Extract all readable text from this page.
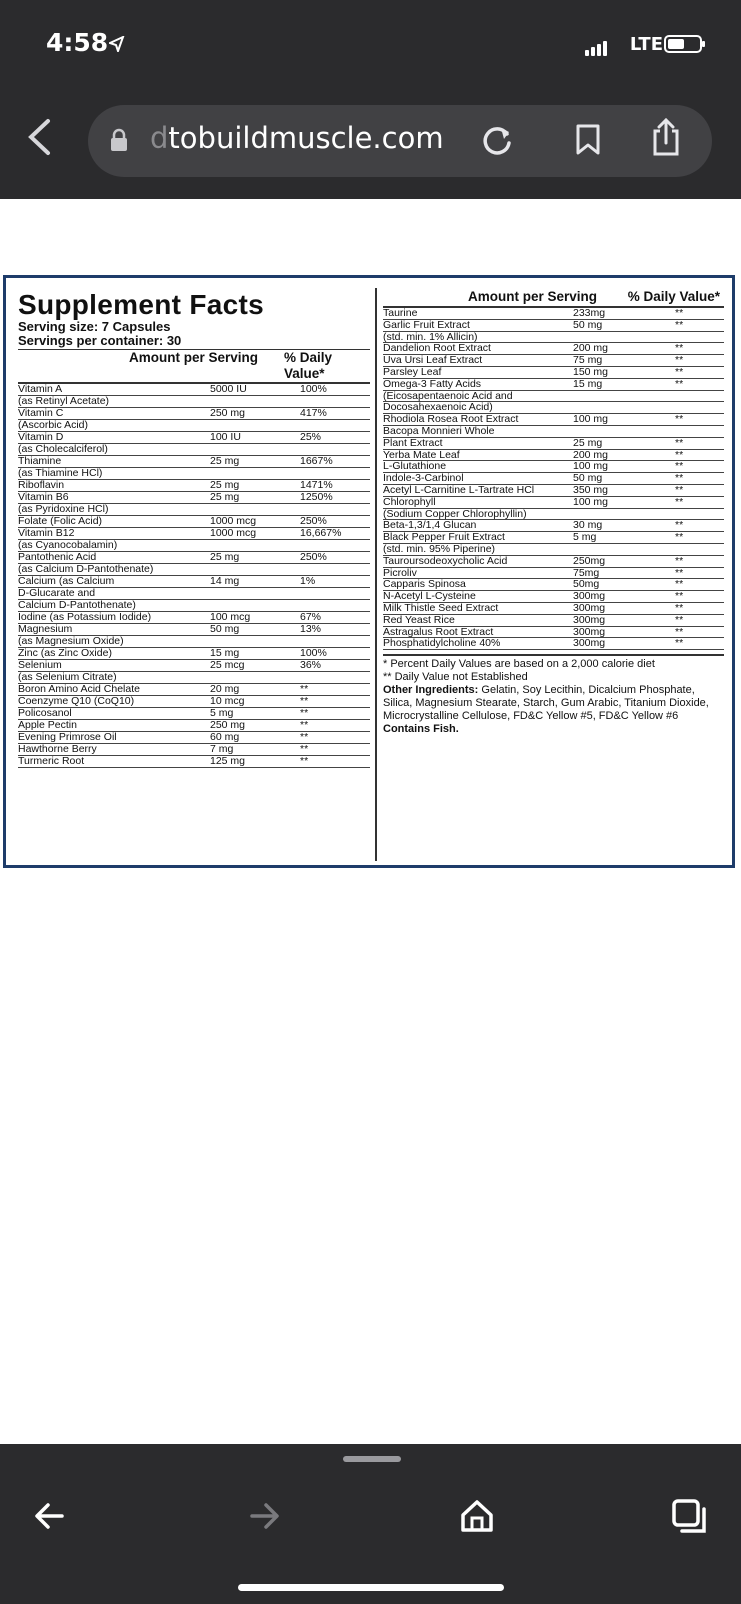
4:58	LTE
dtobuildmuscle.com
Supplement Facts
Serving size: 7 Capsules
Servings per container: 30
Amount per Serving	% Daily Value*
Vitamin A	5000 IU	100%
(as Retinyl Acetate)
Vitamin C	250 mg	417%
(Ascorbic Acid)
Vitamin D	100 IU	25%
(as Cholecalciferol)
Thiamine	25 mg	1667%
(as Thiamine HCl)
Riboflavin	25 mg	1471%
Vitamin B6	25 mg	1250%
(as Pyridoxine HCl)
Folate (Folic Acid)	1000 mcg	250%
Vitamin B12	1000 mcg	16,667%
(as Cyanocobalamin)
Pantothenic Acid	25 mg	250%
(as Calcium D-Pantothenate)
Calcium (as Calcium	14 mg	1%
D-Glucarate and
Calcium D-Pantothenate)
Iodine (as Potassium Iodide)	100 mcg	67%
Magnesium	50 mg	13%
(as Magnesium Oxide)
Zinc (as Zinc Oxide)	15 mg	100%
Selenium	25 mcg	36%
(as Selenium Citrate)
Boron Amino Acid Chelate	20 mg	**
Coenzyme Q10 (CoQ10)	10 mcg	**
Policosanol	5 mg	**
Apple Pectin	250 mg	**
Evening Primrose Oil	60 mg	**
Hawthorne Berry	7 mg	**
Turmeric Root	125 mg	**
Amount per Serving	% Daily Value*
Taurine	233mg	**
Garlic Fruit Extract	50 mg	**
(std. min. 1% Allicin)
Dandelion Root Extract	200 mg	**
Uva Ursi Leaf Extract	75 mg	**
Parsley Leaf	150 mg	**
Omega-3 Fatty Acids	15 mg	**
(Eicosapentaenoic Acid and
Docosahexaenoic Acid)
Rhodiola Rosea Root Extract	100 mg	**
Bacopa Monnieri Whole
Plant Extract	25 mg	**
Yerba Mate Leaf	200 mg	**
L-Glutathione	100 mg	**
Indole-3-Carbinol	50 mg	**
Acetyl L-Carnitine L-Tartrate HCl	350 mg	**
Chlorophyll	100 mg	**
(Sodium Copper Chlorophyllin)
Beta-1,3/1,4 Glucan	30 mg	**
Black Pepper Fruit Extract	5 mg	**
(std. min. 95% Piperine)
Tauroursodeoxycholic Acid	250mg	**
Picroliv	75mg	**
Capparis Spinosa	50mg	**
N-Acetyl L-Cysteine	300mg	**
Milk Thistle Seed Extract	300mg	**
Red Yeast Rice	300mg	**
Astragalus Root Extract	300mg	**
Phosphatidylcholine 40%	300mg	**
* Percent Daily Values are based on a 2,000 calorie diet
** Daily Value not Established
Other Ingredients: Gelatin, Soy Lecithin, Dicalcium Phosphate, Silica, Magnesium Stearate, Starch, Gum Arabic, Titanium Dioxide, Microcrystalline Cellulose, FD&C Yellow #5, FD&C Yellow #6
Contains Fish.
